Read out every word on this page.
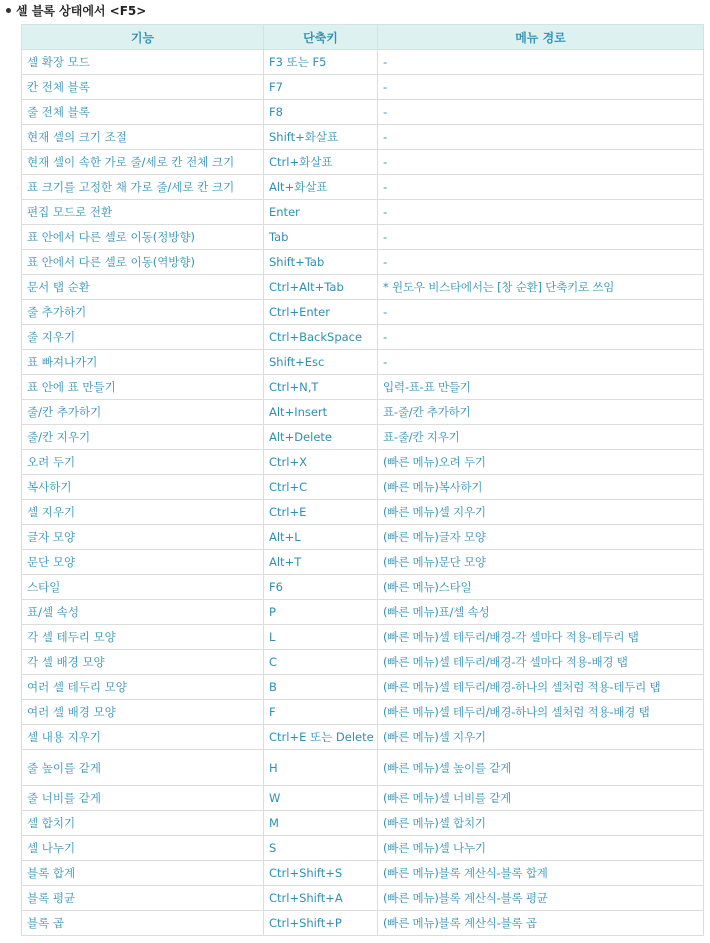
셀 블록 상태에서 <F5>
기능	단축키	메뉴 경로
셀 확장 모드	F3 또는 F5	-
칸 전체 블록	F7	-
줄 전체 블록	F8	-
현재 셀의 크기 조절	Shift+화살표	-
현재 셀이 속한 가로 줄/세로 칸 전체 크기	Ctrl+화살표	-
표 크기를 고정한 채 가로 줄/세로 칸 크기	Alt+화살표	-
편집 모드로 전환	Enter	-
표 안에서 다른 셀로 이동(정방향)	Tab	-
표 안에서 다른 셀로 이동(역방향)	Shift+Tab	-
문서 탭 순환	Ctrl+Alt+Tab	* 윈도우 비스타에서는 [창 순환] 단축키로 쓰임
줄 추가하기	Ctrl+Enter	-
줄 지우기	Ctrl+BackSpace	-
표 빠져나가기	Shift+Esc	-
표 안에 표 만들기	Ctrl+N,T	입력-표-표 만들기
줄/칸 추가하기	Alt+Insert	표-줄/칸 추가하기
줄/칸 지우기	Alt+Delete	표-줄/칸 지우기
오려 두기	Ctrl+X	(빠른 메뉴)오려 두기
복사하기	Ctrl+C	(빠른 메뉴)복사하기
셀 지우기	Ctrl+E	(빠른 메뉴)셀 지우기
글자 모양	Alt+L	(빠른 메뉴)글자 모양
문단 모양	Alt+T	(빠른 메뉴)문단 모양
스타일	F6	(빠른 메뉴)스타일
표/셀 속성	P	(빠른 메뉴)표/셀 속성
각 셀 테두리 모양	L	(빠른 메뉴)셀 테두리/배경-각 셀마다 적용-테두리 탭
각 셀 배경 모양	C	(빠른 메뉴)셀 테두리/배경-각 셀마다 적용-배경 탭
여러 셀 테두리 모양	B	(빠른 메뉴)셀 테두리/배경-하나의 셀처럼 적용-테두리 탭
여러 셀 배경 모양	F	(빠른 메뉴)셀 테두리/배경-하나의 셀처럼 적용-배경 탭
셀 내용 지우기	Ctrl+E 또는 Delete	(빠른 메뉴)셀 지우기
줄 높이를 같게	H	(빠른 메뉴)셀 높이를 같게
줄 너비를 같게	W	(빠른 메뉴)셀 너비를 같게
셀 합치기	M	(빠른 메뉴)셀 합치기
셀 나누기	S	(빠른 메뉴)셀 나누기
블록 합계	Ctrl+Shift+S	(빠른 메뉴)블록 계산식-블록 합계
블록 평균	Ctrl+Shift+A	(빠른 메뉴)블록 계산식-블록 평균
블록 곱	Ctrl+Shift+P	(빠른 메뉴)블록 계산식-블록 곱
